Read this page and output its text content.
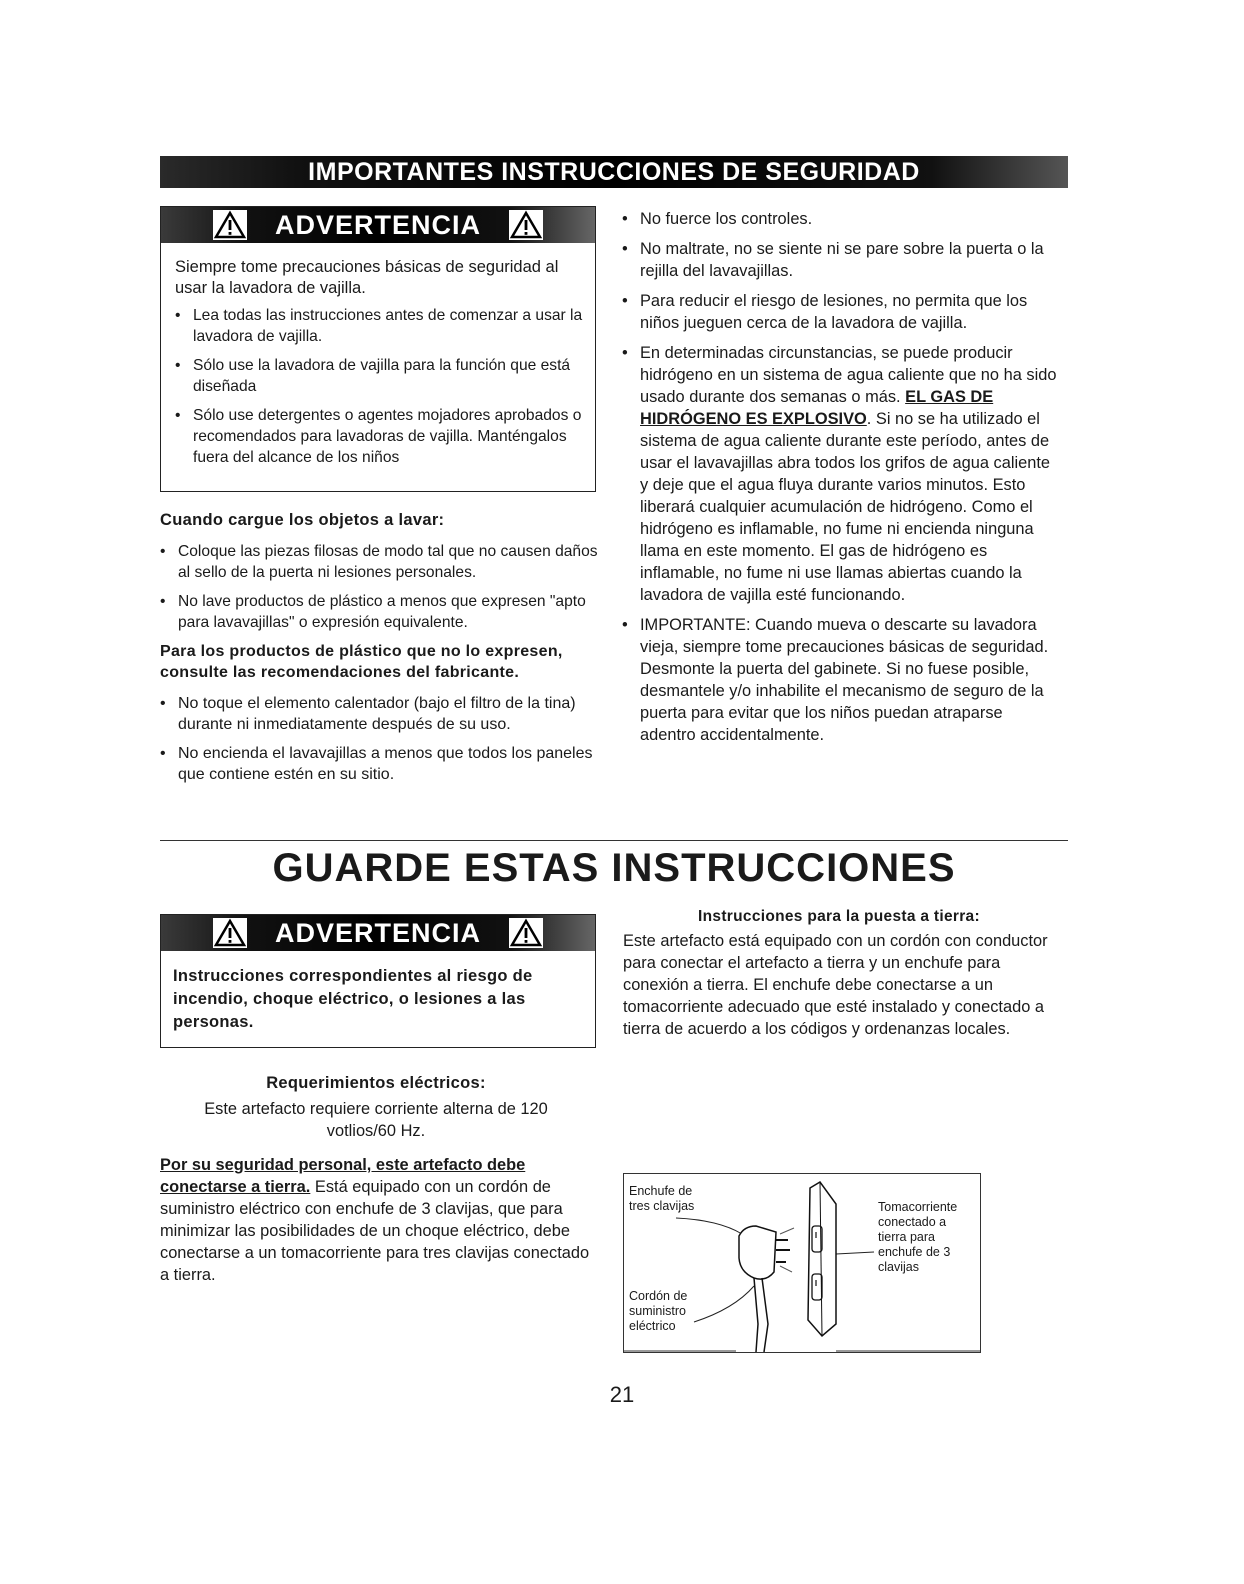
IMPORTANTES INSTRUCCIONES DE SEGURIDAD
ADVERTENCIA
Siempre tome precauciones básicas de seguridad al usar la lavadora de vajilla.
• Lea todas las instrucciones antes de comenzar a usar la lavadora de vajilla.
• Sólo use la lavadora de vajilla para la función que está diseñada
• Sólo use detergentes o agentes mojadores aprobados o recomendados para lavadoras de vajilla. Manténgalos fuera del alcance de los niños
Cuando cargue los objetos a lavar:
• Coloque las piezas filosas de modo tal que no causen daños al sello de la puerta ni lesiones personales.
• No lave productos de plástico a menos que expresen "apto para lavavajillas" o expresión equivalente.
Para los productos de plástico que no lo expresen, consulte las recomendaciones del fabricante.
• No toque el elemento calentador (bajo el filtro de la tina) durante ni inmediatamente después de su uso.
• No encienda el lavavajillas a menos que todos los paneles que contiene estén en su sitio.
• No fuerce los controles.
• No maltrate, no se siente ni se pare sobre la puerta o la rejilla del lavavajillas.
• Para reducir el riesgo de lesiones, no permita que los niños jueguen cerca de la lavadora de vajilla.
• En determinadas circunstancias, se puede producir hidrógeno en un sistema de agua caliente que no ha sido usado durante dos semanas o más. EL GAS DE HIDRÓGENO ES EXPLOSIVO. Si no se ha utilizado el sistema de agua caliente durante este período, antes de usar el lavavajillas abra todos los grifos de agua caliente y deje que el agua fluya durante varios minutos. Esto liberará cualquier acumulación de hidrógeno. Como el hidrógeno es inflamable, no fume ni encienda ninguna llama en este momento. El gas de hidrógeno es inflamable, no fume ni use llamas abiertas cuando la lavadora de vajilla esté funcionando.
• IMPORTANTE: Cuando mueva o descarte su lavadora vieja, siempre tome precauciones básicas de seguridad. Desmonte la puerta del gabinete. Si no fuese posible, desmantele y/o inhabilite el mecanismo de seguro de la puerta para evitar que los niños puedan atraparse adentro accidentalmente.
GUARDE ESTAS INSTRUCCIONES
ADVERTENCIA
Instrucciones correspondientes al riesgo de incendio, choque eléctrico, o lesiones a las personas.
Requerimientos eléctricos:
Este artefacto requiere corriente alterna de 120 votlios/60 Hz.
Por su seguridad personal, este artefacto debe conectarse a tierra. Está equipado con un cordón de suministro eléctrico con enchufe de 3 clavijas, que para minimizar las posibilidades de un choque eléctrico, debe conectarse a un tomacorriente para tres clavijas conectado a tierra.
Instrucciones para la puesta a tierra:
Este artefacto está equipado con un cordón con conductor para conectar el artefacto a tierra y un enchufe para conexión a tierra. El enchufe debe conectarse a un tomacorriente adecuado que esté instalado y conectado a tierra de acuerdo a los códigos y ordenanzas locales.
Enchufe de tres clavijas
Cordón de suministro eléctrico
Tomacorriente conectado a tierra para enchufe de 3 clavijas
21
